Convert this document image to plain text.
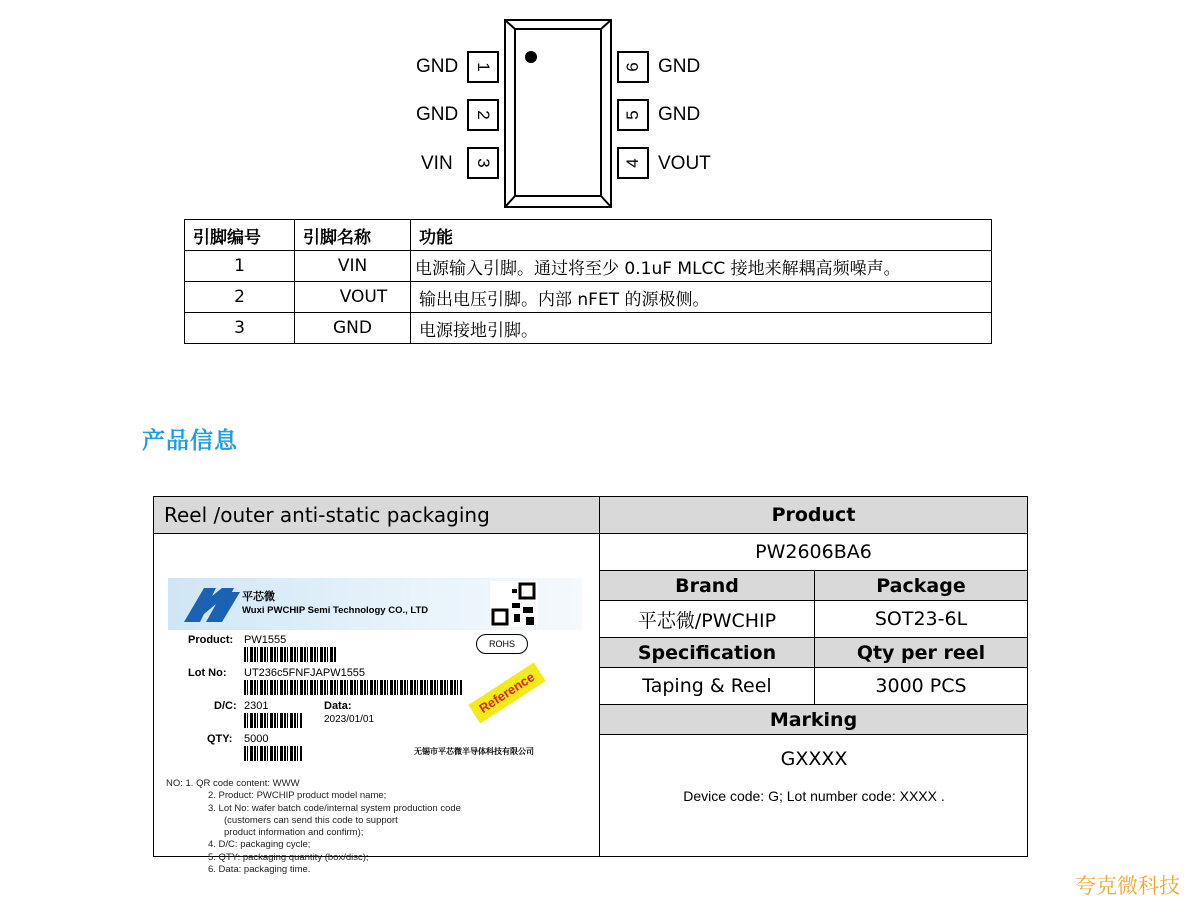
1
2
3
GND
GND
VIN
6
5
4
GND
GND
VOUT
引脚编号	引脚名称	功能
1	VIN	电源输入引脚。通过将至少 0.1uF MLCC 接地来解耦高频噪声。
2	VOUT	输出电压引脚。内部 nFET 的源极侧。
3	GND	电源接地引脚。
产品信息
Reel /outer anti-static packaging
平芯微
Wuxi PWCHIP Semi Technology CO., LTD
Product: PW1555	ROHS
Lot No: UT236c5FNFJAPW1555
D/C: 2301	Data:
2023/01/01
QTY: 5000
Reference
无锡市平芯微半导体科技有限公司
NO: 1. QR code content: WWW
2. Product: PWCHIP product model name;
3. Lot No: wafer batch code/internal system production code
(customers can send this code to support
product information and confirm);
4. D/C: packaging cycle;
5. QTY: packaging quantity (box/disc);
6. Data: packaging time.
Product
PW2606BA6
Brand	Package
平芯微/PWCHIP	SOT23-6L
Specification	Qty per reel
Taping & Reel	3000 PCS
Marking
GXXXX
Device code: G; Lot number code: XXXX .
夸克微科技
